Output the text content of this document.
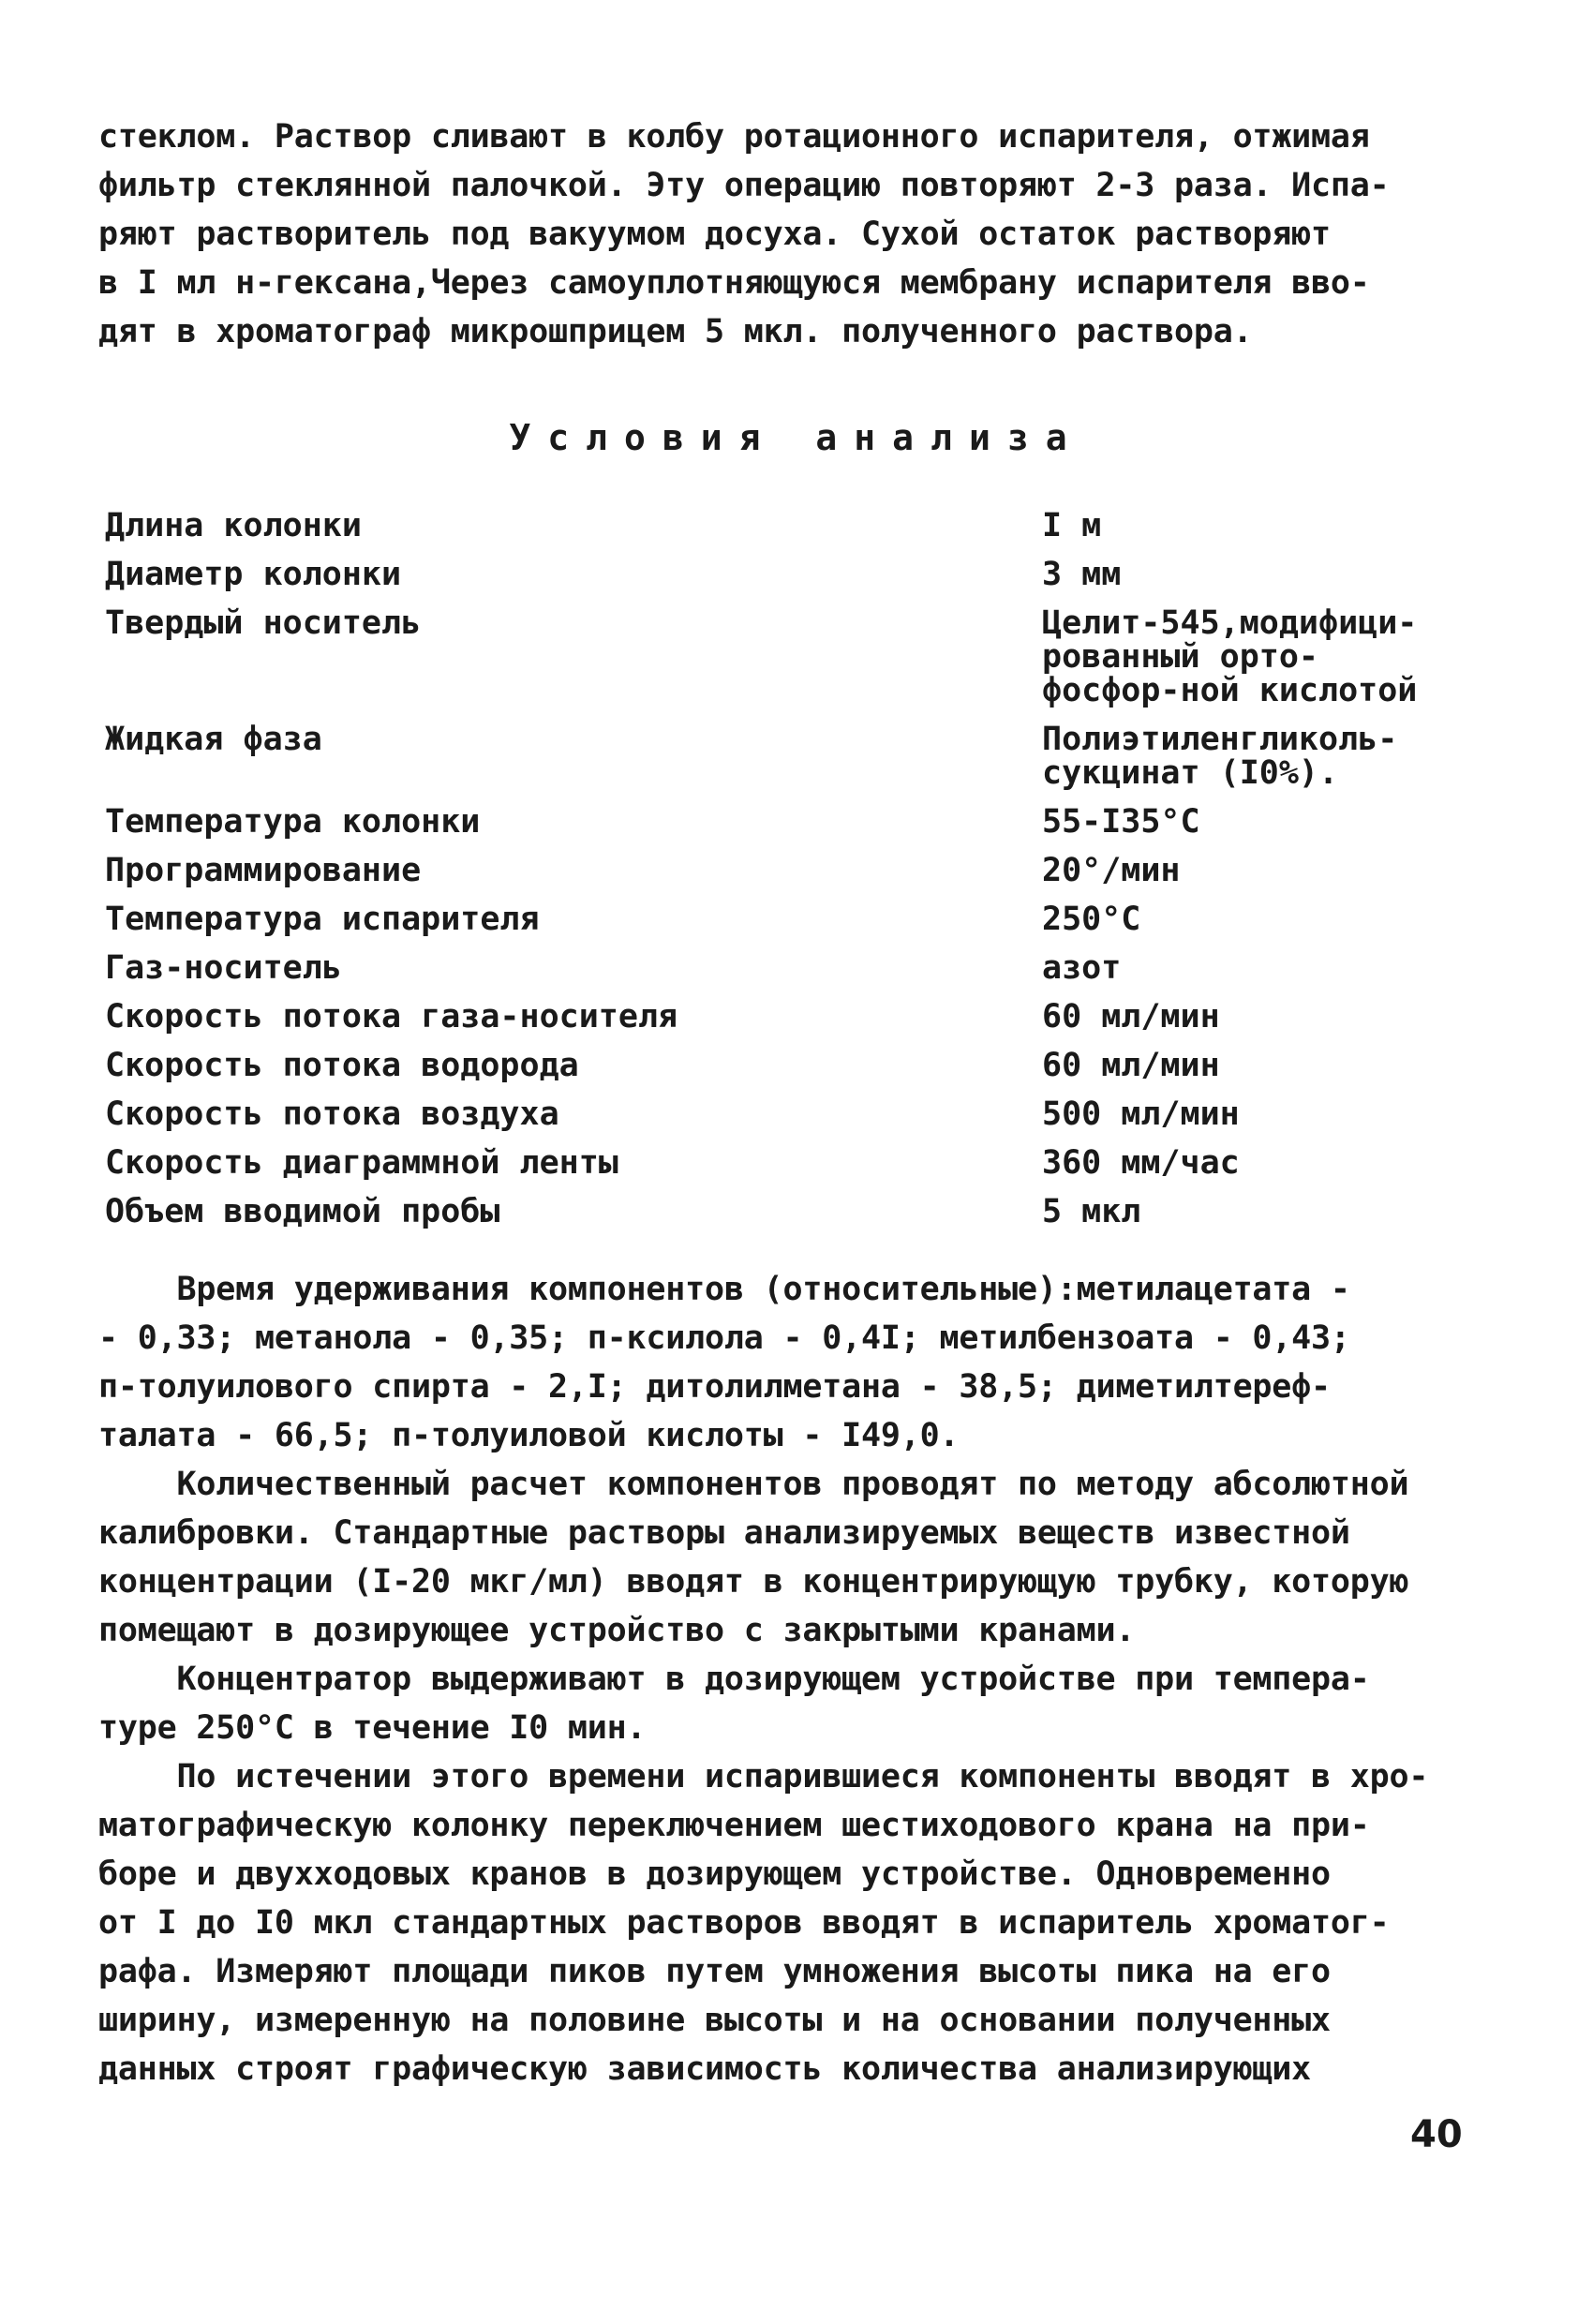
стеклом. Раствор сливают в колбу ротационного испарителя, отжимая
фильтр стеклянной палочкой. Эту операцию повторяют 2-3 раза. Испа-
ряют растворитель под вакуумом досуха. Сухой остаток растворяют
в I мл н-гексана,Через самоуплотняющуюся мембрану испарителя вво-
дят в хроматограф микрошприцем 5 мкл. полученного раствора.
Условия анализа
Длина колонки	I м
Диаметр колонки	3 мм
Твердый носитель	Целит-545,модифици-рованный орто-фосфор-ной кислотой
Жидкая фаза	Полиэтиленгликоль-сукцинат (I0%).
Температура колонки	55-I35°C
Программирование	20°/мин
Температура испарителя	250°C
Газ-носитель	азот
Скорость потока газа-носителя	60 мл/мин
Скорость потока водорода	60 мл/мин
Скорость потока воздуха	500 мл/мин
Скорость диаграммной ленты	360 мм/час
Объем вводимой пробы	5 мкл
Время удерживания компонентов (относительные):метилацетата -
- 0,33; метанола - 0,35; п-ксилола - 0,4I; метилбензоата - 0,43;
п-толуилового спирта - 2,I; дитолилметана - 38,5; диметилтереф-
талата - 66,5; п-толуиловой кислоты - I49,0.
Количественный расчет компонентов проводят по методу абсолютной
калибровки. Стандартные растворы анализируемых веществ известной
концентрации (I-20 мкг/мл) вводят в концентрирующую трубку, которую
помещают в дозирующее устройство с закрытыми кранами.
Концентратор выдерживают в дозирующем устройстве при темпера-
туре 250°С в течение I0 мин.
По истечении этого времени испарившиеся компоненты вводят в хро-
матографическую колонку переключением шестиходового крана на при-
боре и двухходовых кранов в дозирующем устройстве. Одновременно
от I до I0 мкл стандартных растворов вводят в испаритель хроматог-
рафа. Измеряют площади пиков путем умножения высоты пика на его
ширину, измеренную на половине высоты и на основании полученных
данных строят графическую зависимость количества анализирующих
40
